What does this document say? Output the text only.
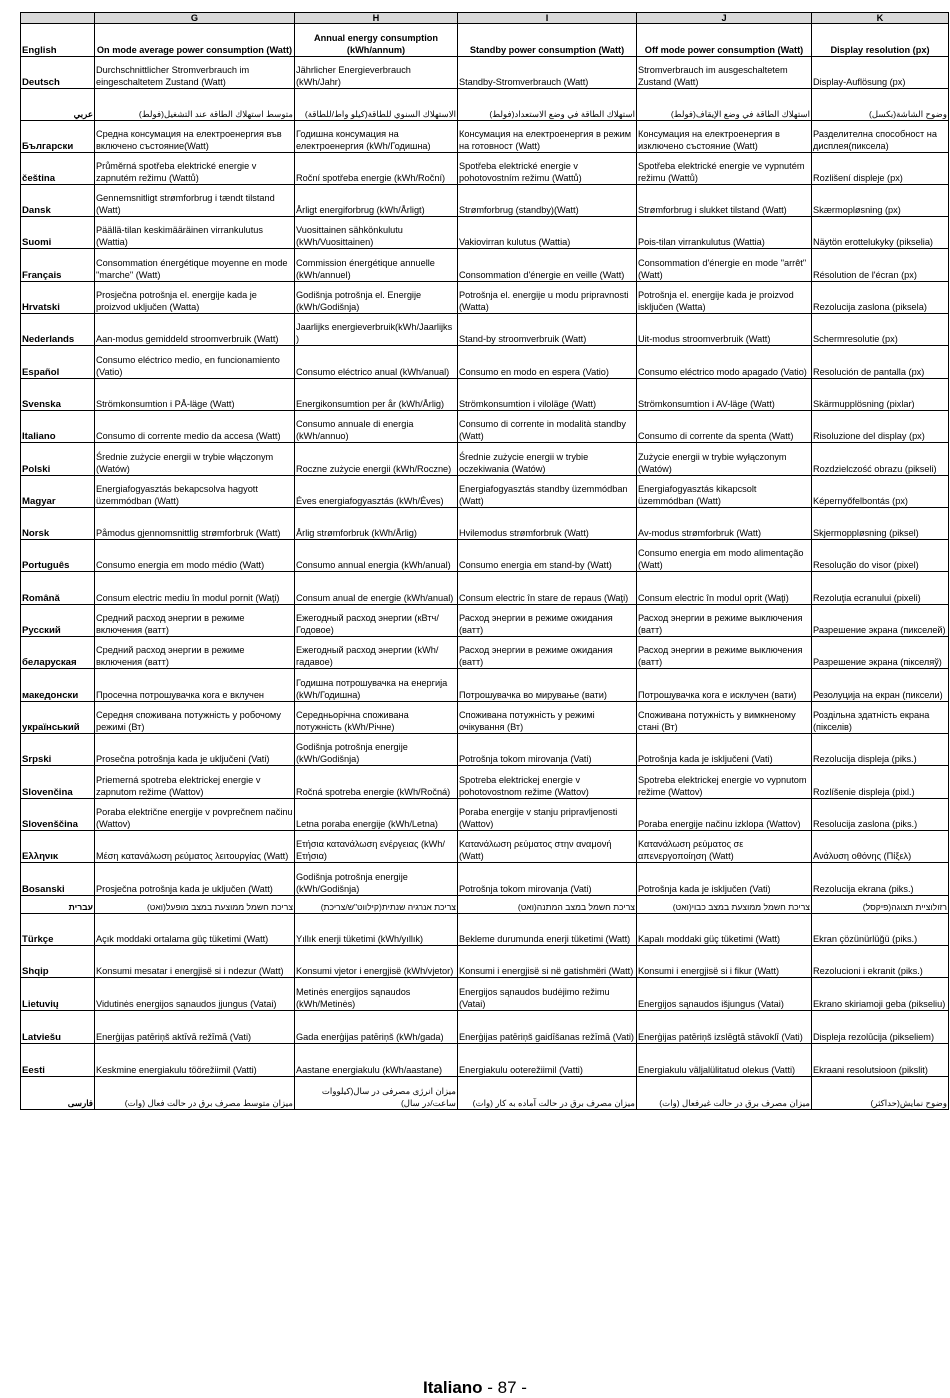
	G	H	I	J	K
English	On mode average power consumption (Watt)	Annual energy consumption (kWh/annum)	Standby power consumption (Watt)	Off mode power consumption (Watt)	Display resolution (px)
Deutsch	Durchschnittlicher Stromverbrauch im eingeschaltetem Zustand (Watt)	Jährlicher Energieverbrauch (kWh/Jahr)	Standby-Stromverbrauch (Watt)	Stromverbrauch im ausgeschaltetem Zustand (Watt)	Display-Auflösung (px)
عربي	متوسط استهلاك الطاقة عند التشغيل(فولط)	الاستهلاك السنوي للطاقة(كيلو واط/للطاقة)	استهلاك الطاقة في وضع الاستعداد(فولط)	استهلاك الطاقة في وضع الإيقاف(فولط)	وضوح الشاشة(بكسل)
Български	Средна консумация на електроенергия във включено състояние(Watt)	Годишна консумация на електроенергия (kWh/Годишна)	Консумация на електроенергия в режим на готовност (Watt)	Консумация на електроенергия в изключено състояние (Watt)	Разделителна способност на дисплея(пиксела)
čeština	Průměrná spotřeba elektrické energie v zapnutém režimu (Wattů)	Roční spotřeba energie (kWh/Roční)	Spotřeba elektrické energie v pohotovostním režimu (Wattů)	Spotřeba elektrické energie ve vypnutém režimu (Wattů)	Rozlišení displeje (px)
Dansk	Gennemsnitligt strømforbrug i tændt tilstand (Watt)	Årligt energiforbrug (kWh/Årligt)	Strømforbrug (standby)(Watt)	Strømforbrug i slukket tilstand (Watt)	Skærmopløsning (px)
Suomi	Päällä-tilan keskimääräinen virrankulutus (Wattia)	Vuosittainen sähkönkulutu (kWh/Vuosittainen)	Vakiovirran kulutus (Wattia)	Pois-tilan virrankulutus (Wattia)	Näytön erottelukyky (pikselia)
Français	Consommation énergétique moyenne en mode "marche" (Watt)	Commission énergétique annuelle (kWh/annuel)	Consommation d'énergie en veille (Watt)	Consommation d'énergie en mode "arrêt" (Watt)	Résolution de l'écran (px)
Hrvatski	Prosječna potrošnja el. energije kada je proizvod uključen (Watta)	Godišnja potrošnja el. Energije (kWh/Godišnja)	Potrošnja el. energije u modu pripravnosti (Watta)	Potrošnja el. energije kada je proizvod isključen (Watta)	Rezolucija zaslona (piksela)
Nederlands	Aan-modus gemiddeld stroomverbruik (Watt)	Jaarlijks energieverbruik(kWh/Jaarlijks )	Stand-by stroomverbruik (Watt)	Uit-modus stroomverbruik (Watt)	Schermresolutie (px)
Español	Consumo eléctrico medio, en funcionamiento (Vatio)	Consumo eléctrico anual (kWh/anual)	Consumo en modo en espera (Vatio)	Consumo eléctrico modo apagado (Vatio)	Resolución de pantalla (px)
Svenska	Strömkonsumtion i PÅ-läge (Watt)	Energikonsumtion per år (kWh/Årlig)	Strömkonsumtion i viloläge (Watt)	Strömkonsumtion i AV-läge (Watt)	Skärmupplösning (pixlar)
Italiano	Consumo di corrente medio da accesa (Watt)	Consumo annuale di energia (kWh/annuo)	Consumo di corrente in modalità standby (Watt)	Consumo di corrente da spenta (Watt)	Risoluzione del display (px)
Polski	Średnie zużycie energii w trybie włączonym (Watów)	Roczne zużycie energii (kWh/Roczne)	Średnie zużycie energii w trybie oczekiwania (Watów)	Zużycie energii w trybie wyłączonym (Watów)	Rozdzielczość obrazu (pikseli)
Magyar	Energiafogyasztás bekapcsolva hagyott üzemmódban (Watt)	Éves energiafogyasztás (kWh/Éves)	Energiafogyasztás standby üzemmódban (Watt)	Energiafogyasztás kikapcsolt üzemmódban (Watt)	Képernyőfelbontás (px)
Norsk	Påmodus gjennomsnittlig strømforbruk (Watt)	Årlig strømforbruk (kWh/Årlig)	Hvilemodus strømforbruk (Watt)	Av-modus strømforbruk (Watt)	Skjermoppløsning (piksel)
Português	Consumo energia em modo médio (Watt)	Consumo annual energia (kWh/anual)	Consumo energia em stand-by (Watt)	Consumo energia em modo alimentação (Watt)	Resolução do visor (pixel)
Română	Consum electric mediu în modul pornit (Waţi)	Consum anual de energie (kWh/anual)	Consum electric în stare de repaus (Waţi)	Consum electric în modul oprit (Waţi)	Rezoluţia ecranului (pixeli)
Русский	Средний расход энергии в режиме включения (ватт)	Ежегодный расход энергии (кВтч/Годовое)	Расход энергии в режиме ожидания (ватт)	Расход энергии в режиме выключения (ватт)	Разрешение экрана (пикселей)
беларуская	Средний расход энергии в режиме включения (ватт)	Ежегодный расход энергии (kWh/гадавое)	Расход энергии в режиме ожидания (ватт)	Расход энергии в режиме выключения (ватт)	Разрешение экрана (пікселяў)
македонски	Просечна потрошувачка кога е вклучен	Годишна потрошувачка на енергија (kWh/Годишна)	Потрошувачка во мирување (вати)	Потрошувачка кога е исклучен (вати)	Резолуција на екран (пиксели)
український	Середня споживана потужність у робочому режимі (Вт)	Середньорічна споживана потужність (kWh/Річне)	Споживана потужність у режимі очікування (Вт)	Споживана потужність у вимкненому стані (Вт)	Роздільна здатність екрана (пікселів)
Srpski	Prosečna potrošnja kada je uključeni (Vati)	Godišnja potrošnja energije (kWh/Godišnja)	Potrošnja tokom mirovanja (Vati)	Potrošnja kada je isključeni (Vati)	Rezolucija displeja (piks.)
Slovenčina	Priemerná spotreba elektrickej energie v zapnutom režime (Wattov)	Ročná spotreba energie (kWh/Ročná)	Spotreba elektrickej energie v pohotovostnom režime (Wattov)	Spotreba elektrickej energie vo vypnutom režime (Wattov)	Rozlíšenie displeja (pixl.)
Slovenščina	Poraba električne energije v povprečnem načinu (Wattov)	Letna poraba energije (kWh/Letna)	Poraba energije v stanju pripravljenosti (Wattov)	Poraba energije načinu izklopa (Wattov)	Resolucija zaslona (piks.)
Ελληνικ	Μέση κατανάλωση ρεύματος λειτουργίας (Watt)	Ετήσια κατανάλωση ενέργειας (kWh/Ετήσια)	Κατανάλωση ρεύματος στην αναμονή (Watt)	Κατανάλωση ρεύματος σε απενεργοποίηση (Watt)	Ανάλυση οθόνης (Πίξελ)
Bosanski	Prosječna potrošnja kada je uključen (Watt)	Godišnja potrošnja energije (kWh/Godišnja)	Potrošnja tokom mirovanja (Vati)	Potrošnja kada je isključen (Vati)	Rezolucija ekrana (piks.)
עברית	צריכת חשמל ממוצעת במצב מופעל(ואט)	צריכת אנרגיה שנתית(קילווט"ש/צריכת)	צריכת חשמל במצב המתנה(ואט)	צריכת חשמל ממוצעת במצב כבוי(ואט)	רזולוציית תצוגה(פיקסל)
Türkçe	Açık moddaki ortalama güç tüketimi (Watt)	Yıllık enerji tüketimi (kWh/yıllık)	Bekleme durumunda enerji tüketimi (Watt)	Kapalı moddaki güç tüketimi (Watt)	Ekran çözünürlüğü (piks.)
Shqip	Konsumi mesatar i energjisë si i ndezur (Watt)	Konsumi vjetor i energjisë (kWh/vjetor)	Konsumi i energjisë si në gatishmëri (Watt)	Konsumi i energjisë si i fikur (Watt)	Rezolucioni i ekranit (piks.)
Lietuvių	Vidutinės energijos sąnaudos įjungus (Vatai)	Metinės energijos sąnaudos (kWh/Metinės)	Energijos sąnaudos budėjimo režimu (Vatai)	Energijos sąnaudos išjungus (Vatai)	Ekrano skiriamoji geba (pikseliu)
Latviešu	Enerģijas patēriņš aktīvā režīmā (Vati)	Gada enerģijas patēriņš (kWh/gada)	Enerģijas patēriņš gaidīšanas režīmā (Vati)	Enerģijas patēriņš izslēgtā stāvoklī (Vati)	Displeja rezolūcija (pikseliem)
Eesti	Keskmine energiakulu töörežiimil (Vatti)	Aastane energiakulu (kWh/aastane)	Energiakulu ooterežiimil (Vatti)	Energiakulu väljalülitatud olekus (Vatti)	Ekraani resolutsioon (pikslit)
فارسی	میزان متوسط مصرف برق در حالت فعال (وات)	میزان انرژی مصرفی در سال(کیلووات ساعت/در سال)	میزان مصرف برق در حالت آماده به کار (وات)	میزان مصرف برق در حالت غیرفعال (وات)	وضوح نمایش(حداکثر)
Italiano - 87 -
